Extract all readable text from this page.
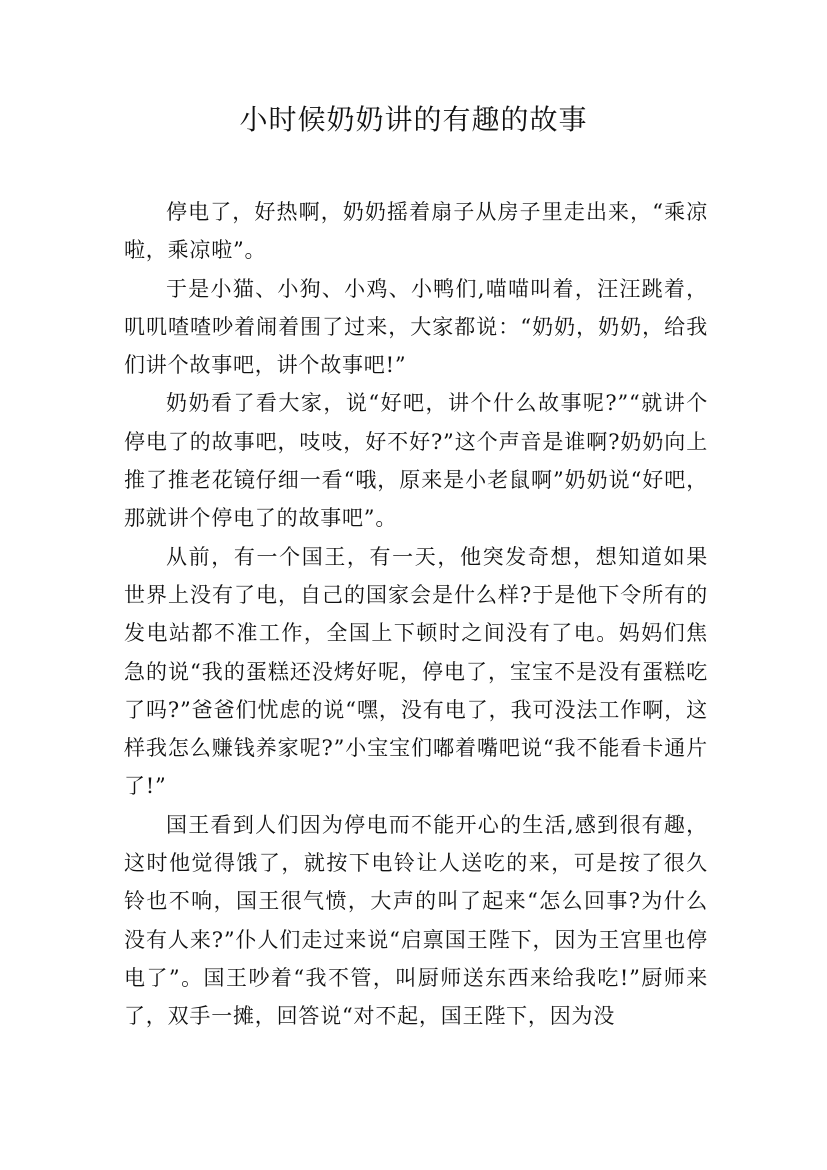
小时候奶奶讲的有趣的故事

停电了，好热啊，奶奶摇着扇子从房子里走出来，“乘凉啦，乘凉啦”。

于是小猫、小狗、小鸡、小鸭们,喵喵叫着，汪汪跳着，叽叽喳喳吵着闹着围了过来，大家都说：“奶奶，奶奶，给我们讲个故事吧，讲个故事吧!”

奶奶看了看大家，说“好吧，讲个什么故事呢?”“就讲个停电了的故事吧，吱吱，好不好?”这个声音是谁啊?奶奶向上推了推老花镜仔细一看“哦，原来是小老鼠啊”奶奶说“好吧，那就讲个停电了的故事吧”。

从前，有一个国王，有一天，他突发奇想，想知道如果世界上没有了电，自己的国家会是什么样?于是他下令所有的发电站都不准工作，全国上下顿时之间没有了电。妈妈们焦急的说“我的蛋糕还没烤好呢，停电了，宝宝不是没有蛋糕吃了吗?”爸爸们忧虑的说“嘿，没有电了，我可没法工作啊，这样我怎么赚钱养家呢?”小宝宝们嘟着嘴吧说“我不能看卡通片了!”

国王看到人们因为停电而不能开心的生活,感到很有趣，这时他觉得饿了，就按下电铃让人送吃的来，可是按了很久铃也不响，国王很气愤，大声的叫了起来“怎么回事?为什么没有人来?”仆人们走过来说“启禀国王陛下，因为王宫里也停电了”。国王吵着“我不管，叫厨师送东西来给我吃!”厨师来了，双手一摊，回答说“对不起，国王陛下，因为没
